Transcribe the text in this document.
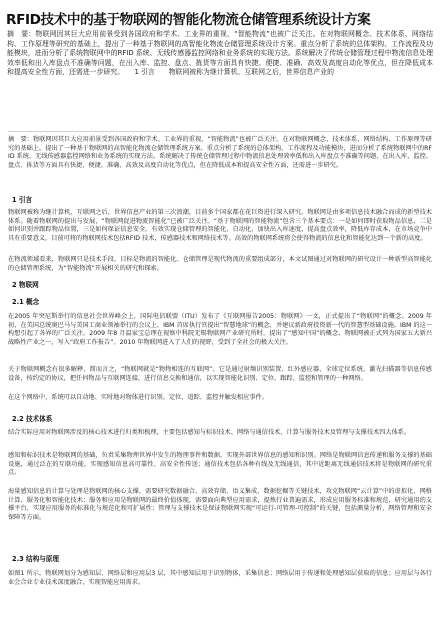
RFID技术中的基于物联网的智能化物流仓储管理系统设计方案

摘　要：物联网因其巨大应用前景受到各国政府和学术、工业界的重视，“智能物流”也被广泛关注。在对物联网概念、技术体系、网络结构、工作原理等研究的基础上，提出了一种基于物联网的高智能化物流仓储管理系统设计方案。重点分析了系统的总体架构、工作流程及功能模块，进而分析了系统物联网中的RFID 系统、无线传感器监控网络和业务系统的实现方法。系统解决了传统仓储管理过程中物流信息处理效率低和出入库盘点不准确等问题，在出入库、监控、盘点、拣货等方面具有快捷、便捷、准确、高效及高度自动化等优点，但在降低成本和提高安全性方面，还需进一步研究。　　1 引言　　物联网被称为继计算机、互联网之后，世界信息产业的

摘　要：物联网因其巨大应用前景受到各国政府和学术、工业界的重视，“智能物流”也被广泛关注。在对物联网概念、技术体系、网络结构、工作原理等研究的基础上，提出了一种基于物联网的高智能化物流仓储管理系统方案。重点分析了系统的总体架构、工作流程及功能模块，进而分析了系统物联网中的RFID 系统、无线传感器监控网络和业务系统的实现方法。系统解决了传统仓储管理过程中物流信息处理效率低和出入库盘点不准确等问题，在出入库、监控、盘点、拣货等方面具有快捷、便捷、准确、高效及高度自动化等优点，但在降低成本和提高安全性方面，还需进一步研究。

1 引言

物联网被称为继计算机、互联网之后，世界信息产业的第三次浪潮，目前多个国家都在花巨资进行深入研究。物联网是由多项信息技术融合而成的新型技术体系。随着物联网的提出与发展，“物联网促进物流智能化”已被广泛关注。“基于物联网的智能物流”包含三个基本要点：一是如何即时获取物品信息，二是如何识别并跟踪物品位置，三是如何保证信息安全。有效实现仓储管理的智能化、自动化，加快出入库速度，提高盘点效率，降低库存成本，在市场竞争中具有重要意义。目前可将的物联网技术包括RFID 技术，传感器技术和网络技术等。高效的物联网系统将会使得物流的信息化和智能化达到一个新的高度。

在物流领域看来，物联网只是技术手段，目标是物流的智能化。仓储管理是现代物流的重要组成部分，本文试图通过对物联网的研究设计一种新型高智能化的仓储管理系统，为“智能物流”开展相关的研究和探索。

2 物联网
2.1 概念

在2005 年突尼斯举行的信息社会世界峰会上，国际电信联盟（ITU）发布了《互联网报告2005：物联网》一文，正式提出了“物联网”的概念。2009 年初，在美国总统奥巴马与美国工商业领袖举行的会议上，IBM 首席执行官提出“智慧地球”的概念，并建议新政府投资新一代的智慧型基础设施。IBM 的这一构想引起了各界的广泛关注。2009 年8 月温家宝总理在视察中科院无锡物联网产业研究所时，提出了“感知中国”的概念，物联网被正式列为国家五大新兴战略性产业之一，写入“政府工作报告”。2010 年物联网进入了人们的视野，受到了全社会的极大关注。

关于物联网概念有很多解释，简而言之，“物联网就是“物物相连的互联网”。它是通过射频识别装置、红外感应器、全球定位系统、激光扫描器等信息传感设备，按约定的协议，把任何物品与互联网连接，进行信息交换和通信，以实现智能化识别、定位、跟踪、监控和管理的一种网络。

在这个网络中，系统可以自动地、实时地对物体进行识别、定位、追踪、监控并触发相应事件。

2.2 技术体系

结合实际应用对物联网涉及的核心技术进行归类和梳理，主要包括感知与标识技术、网络与通信技术、计算与服务技术及管理与支撑技术四大体系。

感知和标识技术是物联网的基础，负责采集物理世界中发生的物理事件和数据，实现外部世界信息的感知和识别。网络是物联网信息传递和服务支撑的基础设施，通过泛在的互联功能，实现感知信息高可靠性、高安全性传送；通信技术包括各种有线及无线通信，其中近距离无线通信技术将是物联网的研究重点。

海量感知信息的计算与处理是物联网的核心支撑，需要研究数据融合、高效存储、语义集成、数据挖掘等关键技术，攻克物联网“云计算”中的虚拟化、网格计算、服务化和智能化技术；服务和应用是物联网的最终价值体现，需要面向典型应用需求，提炼行业普遍需求，形成应用服务标准和规范，研究通用的支撑平台，实现应用服务的标准化与规范化和可扩展性；管理与支撑技术是保证物联网实现“可运行-可管理-可控制”的关键，包括测量分析、网络管理和安全保障等方面。

2.3 结构与原理

如图1 所示，物联网划分为感知层、网络层和应用层3 层，其中感知层用于识别物体，采集信息；网络层用于传递和处理感知层获取的信息；应用层与各行业会合业专业技术深度融合，实现智能应用需求。
